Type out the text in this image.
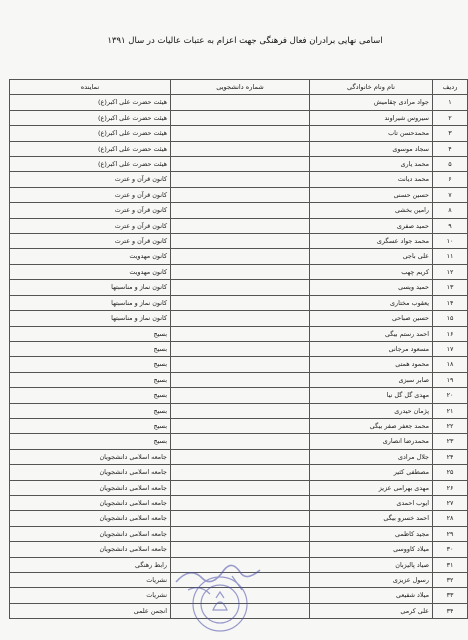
اسامی نهایی برادران فعال فرهنگی جهت اعزام به عتبات عالیات در سال ۱۳۹۱
ردیف	نام ونام خانوادگی	شماره دانشجویی	نماینده
۱	جواد مرادی چقامیش		هیئت حضرت علی اکبر(ع)
۲	سیروس شیراوند		هیئت حضرت علی اکبر(ع)
۳	محمدحسن تاب		هیئت حضرت علی اکبر(ع)
۴	سجاد موسوی		هیئت حضرت علی اکبر(ع)
۵	محمد یاری		هیئت حضرت علی اکبر(ع)
۶	محمد دیانت		کانون قرآن و عترت
۷	حسین حسنی		کانون قرآن و عترت
۸	رامین بخشی		کانون قرآن و عترت
۹	حمید صفری		کانون قرآن و عترت
۱۰	محمد جواد عسگری		کانون قرآن و عترت
۱۱	علی باجی		کانون مهدویت
۱۲	کریم چهب		کانون مهدویت
۱۳	حمید ویسی		کانون نماز و مناسبتها
۱۴	یعقوب مختاری		کانون نماز و مناسبتها
۱۵	حسین صباحی		کانون نماز و مناسبتها
۱۶	احمد رستم بیگی		بسیج
۱۷	مسعود مرجانی		بسیج
۱۸	محمود همتی		بسیج
۱۹	صابر سبزی		بسیج
۲۰	مهدی گل گل نیا		بسیج
۲۱	پژمان حیدری		بسیج
۲۲	محمد جعفر صفر بیگی		بسیج
۲۳	محمدرضا انصاری		بسیج
۲۴	جلال مرادی		جامعه اسلامی دانشجویان
۲۵	مصطفی کثیر		جامعه اسلامی دانشجویان
۲۶	مهدی بهرامی عزیز		جامعه اسلامی دانشجویان
۲۷	ایوب احمدی		جامعه اسلامی دانشجویان
۲۸	احمد خسرو بیگی		جامعه اسلامی دانشجویان
۲۹	مجید کاظمی		جامعه اسلامی دانشجویان
۳۰	میلاد کاووسی		جامعه اسلامی دانشجویان
۳۱	صیاد پالیزبان		رابط رهنگی
۳۲	رسول عزیزی		نشریات
۳۳	میلاد شفیعی		نشریات
۳۴	علی کرمی		انجمن علمی
